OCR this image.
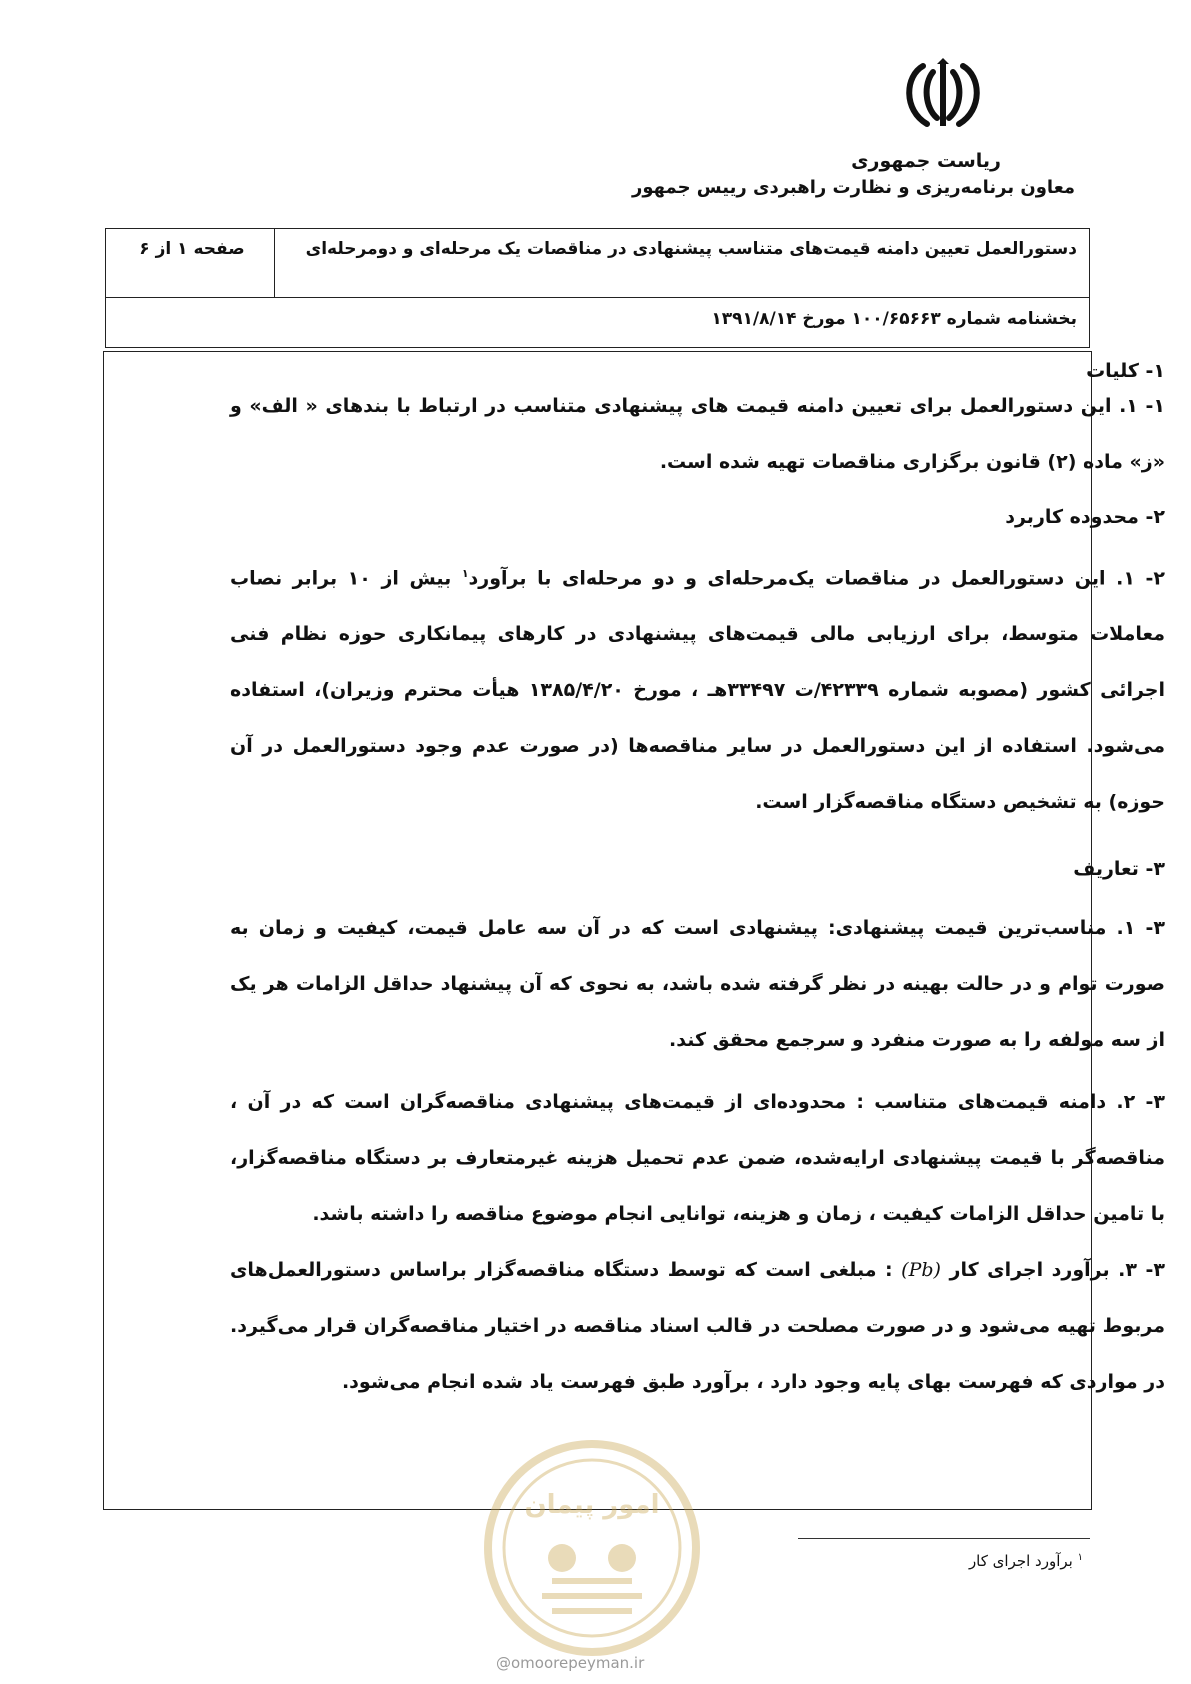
ریاست جمهوری
معاون برنامه‌ریزی و نظارت راهبردی رییس جمهور
دستورالعمل تعیین دامنه قیمت‌های متناسب پیشنهادی در مناقصات یک مرحله‌ای و دومرحله‌ای
صفحه ۱ از ۶
بخشنامه شماره ۱۰۰/۶۵۶۶۳ مورخ ۱۳۹۱/۸/۱۴
۱- کلیات
۱- ۱. این دستورالعمل برای تعیین دامنه قیمت های پیشنهادی متناسب در ارتباط با بندهای « الف» و «ز» ماده (۲) قانون برگزاری مناقصات تهیه شده است.
۲- محدوده کاربرد
۲- ۱. این دستورالعمل در مناقصات یک‌مرحله‌ای و دو مرحله‌ای با برآورد$^۱$ بیش از ۱۰ برابر نصاب معاملات متوسط، برای ارزیابی مالی قیمت‌های پیشنهادی در کارهای پیمانکاری حوزه نظام فنی اجرائی کشور (مصوبه شماره ۴۲۳۳۹/ت ۳۳۴۹۷هـ ، مورخ ۱۳۸۵/۴/۲۰ هیأت محترم وزیران)، استفاده می‌شود. استفاده از این دستورالعمل در سایر مناقصه‌ها (در صورت عدم وجود دستورالعمل در آن حوزه) به تشخیص دستگاه مناقصه‌گزار است.
۳- تعاریف
۳- ۱. مناسب‌ترین قیمت پیشنهادی: پیشنهادی است که در آن سه عامل قیمت، کیفیت و زمان به صورت توام و در حالت بهینه در نظر گرفته شده باشد، به نحوی که آن پیشنهاد حداقل الزامات هر یک از سه مولفه را به صورت منفرد و سرجمع محقق کند.
۳- ۲. دامنه قیمت‌های متناسب : محدوده‌ای از قیمت‌های پیشنهادی مناقصه‌گران است که در آن ، مناقصه‌گر با قیمت پیشنهادی ارایه‌شده، ضمن عدم تحمیل هزینه غیرمتعارف بر دستگاه مناقصه‌گزار، با تامین حداقل الزامات کیفیت ، زمان و هزینه، توانایی انجام موضوع مناقصه را داشته باشد.
۳- ۳. برآورد اجرای کار (Pb) : مبلغی است که توسط دستگاه مناقصه‌گزار براساس دستورالعمل‌های مربوط تهیه می‌شود و در صورت مصلحت در قالب اسناد مناقصه در اختیار مناقصه‌گران قرار می‌گیرد. در مواردی که فهرست بهای پایه وجود دارد ، برآورد طبق فهرست یاد شده انجام می‌شود.
$^۱$ برآورد اجرای کار
امور پیمان
@omoorepeyman.ir
